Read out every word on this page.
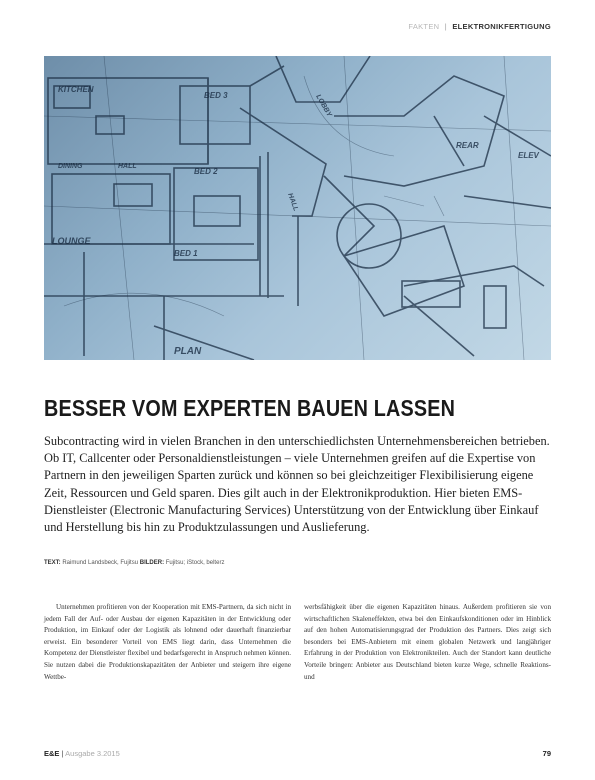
FAKTEN | ELEKTRONIKFERTIGUNG
KITCHEN
BED 3
DINING	HALL
BED 2
LOUNGE
BED 1
PLAN
LOBBY
REAR
ELEV
HALL
BESSER VOM EXPERTEN BAUEN LASSEN

Subcontracting wird in vielen Branchen in den unterschiedlichsten Unternehmensbereichen betrieben. Ob IT, Callcenter oder Personaldienstleistungen – viele Unternehmen greifen auf die Expertise von Partnern in den jeweiligen Sparten zurück und können so bei gleichzeitiger Flexibilisierung eigene Zeit, Ressourcen und Geld sparen. Dies gilt auch in der Elektronikproduktion. Hier bieten EMS-Dienstleister (Electronic Manufacturing Services) Unterstützung von der Entwicklung über Einkauf und Herstellung bis hin zu Produktzulassungen und Auslieferung.

TEXT: Raimund Landsbeck, Fujitsu BILDER: Fujitsu; iStock, belterz

Unternehmen profitieren von der Kooperation mit EMS-Partnern, da sich nicht in jedem Fall der Auf- oder Ausbau der eigenen Kapazitäten in der Entwicklung oder Produktion, im Einkauf oder der Logistik als lohnend oder dauerhaft finanzierbar erweist. Ein besonderer Vorteil von EMS liegt darin, dass Unternehmen die Kompetenz der Dienstleister flexibel und bedarfsgerecht in Anspruch nehmen können. Sie nutzen dabei die Produktionskapazitäten der Anbieter und steigern ihre eigene Wettbe-

werbsfähigkeit über die eigenen Kapazitäten hinaus. Außerdem profitieren sie von wirtschaftlichen Skaleneffekten, etwa bei den Einkaufskonditionen oder im Hinblick auf den hohen Automatisierungsgrad der Produktion des Partners. Dies zeigt sich besonders bei EMS-Anbietern mit einem globalen Netzwerk und langjähriger Erfahrung in der Produktion von Elektronikteilen. Auch der Standort kann deutliche Vorteile bringen: Anbieter aus Deutschland bieten kurze Wege, schnelle Reaktions- und

E&E | Ausgabe 3.2015	79
